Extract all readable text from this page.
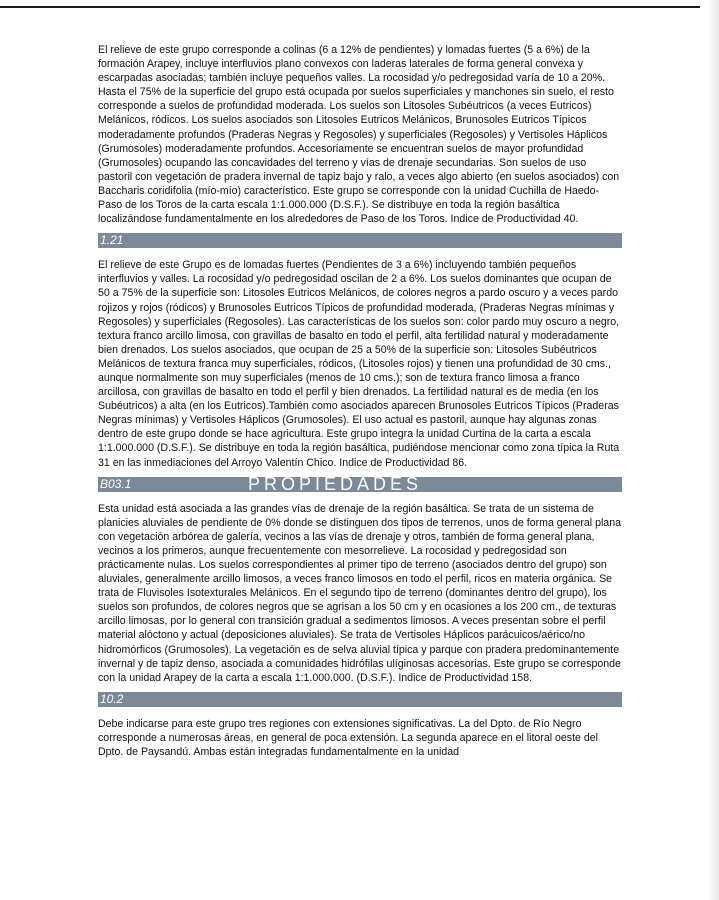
El relieve de este grupo corresponde a colinas (6 a 12% de pendientes) y lomadas fuertes (5 a 6%) de la formación Arapey, incluye interfluvios plano convexos con laderas laterales de forma general convexa y escarpadas asociadas; también incluye pequeños valles. La rocosidad y/o pedregosidad varía de 10 a 20%. Hasta el 75% de la superficie del grupo está ocupada por suelos superficiales y manchones sin suelo, el resto corresponde a suelos de profundidad moderada. Los suelos son Litosoles Subéutricos (a veces Eutricos) Melánicos, ródicos. Los suelos asociados son Litosoles Eutricos Melánicos, Brunosoles Eutricos Típicos moderadamente profundos (Praderas Negras y Regosoles) y superficiales (Regosoles) y Vertisoles Háplicos (Grumosoles) moderadamente profundos. Accesoriamente se encuentran suelos de mayor profundidad (Grumosoles) ocupando las concavidades del terreno y vías de drenaje secundarias. Son suelos de uso pastoril con vegetación de pradera invernal de tapiz bajo y ralo, a veces algo abierto (en suelos asociados) con Baccharis coridifolia (mío-mío) característico. Este grupo se corresponde con la unidad Cuchilla de Haedo-Paso de los Toros de la carta escala 1:1.000.000 (D.S.F.). Se distribuye en toda la región basáltica localizándose fundamentalmente en los alrededores de Paso de los Toros. Indice de Productividad 40.

1.21

El relieve de este Grupo es de lomadas fuertes (Pendientes de 3 a 6%) incluyendo también pequeños interfluvios y valles. La rocosidad y/o pedregosidad oscilan de 2 a 6%. Los suelos dominantes que ocupan de 50 a 75% de la superficie son: Litosoles Eutricos Melánicos, de colores negros a pardo oscuro y a veces pardo rojizos y rojos (ródicos) y Brunosoles Eutricos Típicos de profundidad moderada, (Praderas Negras mínimas y Regosoles) y superficiales (Regosoles). Las características de los suelos son: color pardo muy oscuro a negro, textura franco arcillo limosa, con gravillas de basalto en todo el perfil, alta fertilidad natural y moderadamente bien drenados. Los suelos asociados, que ocupan de 25 a 50% de la superficie son: Litosoles Subéutricos Melánicos de textura franca muy superficiales, ródicos, (Litosoles rojos) y tienen una profundidad de 30 cms., aunque normalmente son muy superficiales (menos de 10 cms.); son de textura franco limosa a franco arcillosa, con gravillas de basalto en todo el perfil y bien drenados. La fertilidad natural es de media (en los Subéutricos) a alta (en los Eutricos).También como asociados aparecen Brunosoles Eutricos Típicos (Praderas Negras mínimas) y Vertisoles Háplicos (Grumosoles). El uso actual es pastoril, aunque hay algunas zonas dentro de este grupo donde se hace agricultura. Este grupo integra la unidad Curtina de la carta a escala 1:1.000.000 (D.S.F.). Se distribuye en toda la región basáltica, pudiéndose mencionar como zona típica la Ruta 31 en las inmediaciones del Arroyo Valentín Chico. Indice de Productividad 86.

B03.1	PROPIEDADES

Esta unidad está asociada a las grandes vías de drenaje de la región basáltica. Se trata de un sistema de planicies aluviales de pendiente de 0% donde se distinguen dos tipos de terrenos, unos de forma general plana con vegetación arbórea de galería, vecinos a las vías de drenaje y otros, también de forma general plana, vecinos a los primeros, aunque frecuentemente con mesorrelieve. La rocosidad y pedregosidad son prácticamente nulas. Los suelos correspondientes al primer tipo de terreno (asociados dentro del grupo) son aluviales, generalmente arcillo limosos, a veces franco limosos en todo el perfil, ricos en materia orgánica. Se trata de Fluvisoles Isotexturales Melánicos. En el segundo tipo de terreno (dominantes dentro del grupo), los suelos son profundos, de colores negros que se agrisan a los 50 cm y en ocasiones a los 200 cm., de texturas arcillo limosas, por lo general con transición gradual a sedimentos limosos. A veces presentan sobre el perfil material alóctono y actual (deposiciones aluviales). Se trata de Vertisoles Háplicos parácuicos/aérico/no hidromórficos (Grumosoles). La vegetación es de selva aluvial típica y parque con pradera predominantemente invernal y de tapiz denso, asociada a comunidades hidrófilas ulíginosas accesorias. Este grupo se corresponde con la unidad Arapey de la carta a escala 1:1.000.000. (D.S.F.). Indice de Productividad 158.

10.2

Debe indicarse para este grupo tres regiones con extensiones significativas. La del Dpto. de Río Negro corresponde a numerosas áreas, en general de poca extensión. La segunda aparece en el litoral oeste del Dpto. de Paysandú. Ambas están integradas fundamentalmente en la unidad
